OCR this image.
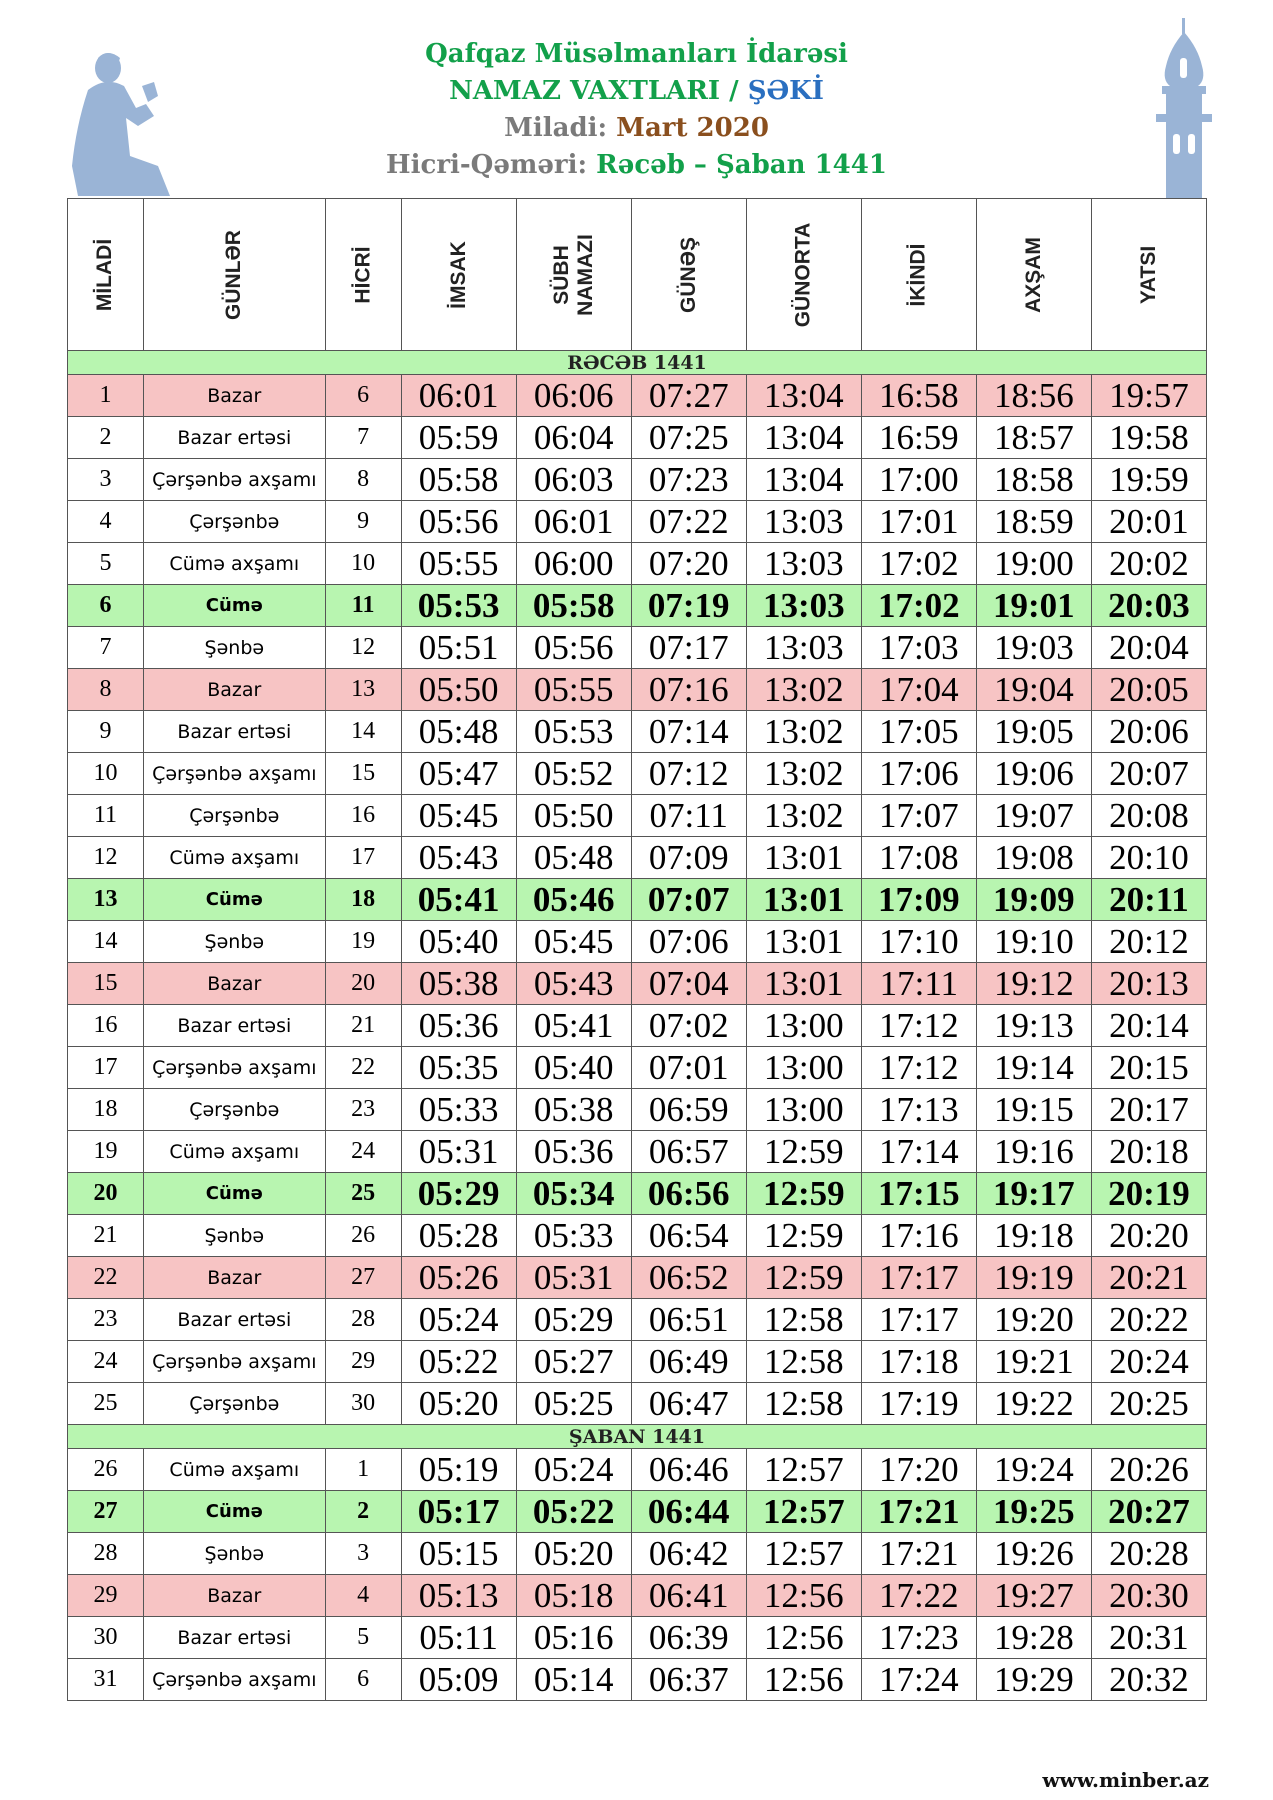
Qafqaz Müsəlmanları İdarəsi
NAMAZ VAXTLARI / ŞƏKİ
Miladi: Mart 2020
Hicri-Qəməri: Rəcəb – Şaban 1441
MİLADİ	GÜNLƏR	HİCRİ	İMSAK	SÜBH NAMAZI	GÜNƏŞ	GÜNORTA	İKİNDİ	AXŞAM	YATSI
RƏCƏB 1441									
1	Bazar	6	06:01	06:06	07:27	13:04	16:58	18:56	19:57
2	Bazar ertəsi	7	05:59	06:04	07:25	13:04	16:59	18:57	19:58
3	Çərşənbə axşamı	8	05:58	06:03	07:23	13:04	17:00	18:58	19:59
4	Çərşənbə	9	05:56	06:01	07:22	13:03	17:01	18:59	20:01
5	Cümə axşamı	10	05:55	06:00	07:20	13:03	17:02	19:00	20:02
6	Cümə	11	05:53	05:58	07:19	13:03	17:02	19:01	20:03
7	Şənbə	12	05:51	05:56	07:17	13:03	17:03	19:03	20:04
8	Bazar	13	05:50	05:55	07:16	13:02	17:04	19:04	20:05
9	Bazar ertəsi	14	05:48	05:53	07:14	13:02	17:05	19:05	20:06
10	Çərşənbə axşamı	15	05:47	05:52	07:12	13:02	17:06	19:06	20:07
11	Çərşənbə	16	05:45	05:50	07:11	13:02	17:07	19:07	20:08
12	Cümə axşamı	17	05:43	05:48	07:09	13:01	17:08	19:08	20:10
13	Cümə	18	05:41	05:46	07:07	13:01	17:09	19:09	20:11
14	Şənbə	19	05:40	05:45	07:06	13:01	17:10	19:10	20:12
15	Bazar	20	05:38	05:43	07:04	13:01	17:11	19:12	20:13
16	Bazar ertəsi	21	05:36	05:41	07:02	13:00	17:12	19:13	20:14
17	Çərşənbə axşamı	22	05:35	05:40	07:01	13:00	17:12	19:14	20:15
18	Çərşənbə	23	05:33	05:38	06:59	13:00	17:13	19:15	20:17
19	Cümə axşamı	24	05:31	05:36	06:57	12:59	17:14	19:16	20:18
20	Cümə	25	05:29	05:34	06:56	12:59	17:15	19:17	20:19
21	Şənbə	26	05:28	05:33	06:54	12:59	17:16	19:18	20:20
22	Bazar	27	05:26	05:31	06:52	12:59	17:17	19:19	20:21
23	Bazar ertəsi	28	05:24	05:29	06:51	12:58	17:17	19:20	20:22
24	Çərşənbə axşamı	29	05:22	05:27	06:49	12:58	17:18	19:21	20:24
25	Çərşənbə	30	05:20	05:25	06:47	12:58	17:19	19:22	20:25
ŞABAN 1441									
26	Cümə axşamı	1	05:19	05:24	06:46	12:57	17:20	19:24	20:26
27	Cümə	2	05:17	05:22	06:44	12:57	17:21	19:25	20:27
28	Şənbə	3	05:15	05:20	06:42	12:57	17:21	19:26	20:28
29	Bazar	4	05:13	05:18	06:41	12:56	17:22	19:27	20:30
30	Bazar ertəsi	5	05:11	05:16	06:39	12:56	17:23	19:28	20:31
31	Çərşənbə axşamı	6	05:09	05:14	06:37	12:56	17:24	19:29	20:32
www.minber.az
